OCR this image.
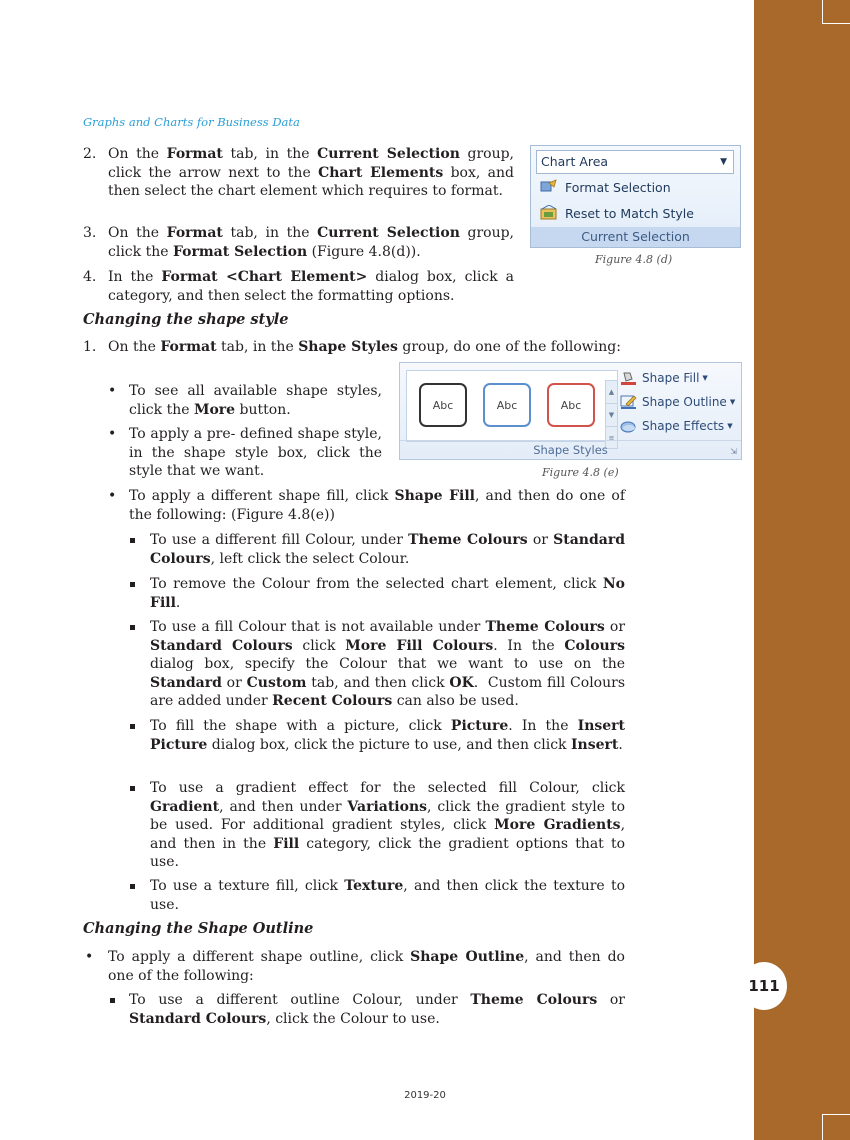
111
Graphs and Charts for Business Data
2. On the Format tab, in the Current Selection group, click the arrow next to the Chart Elements box, and then select the chart element which requires to format.
3. On the Format tab, in the Current Selection group, click the Format Selection (Figure 4.8(d)).
4. In the Format <Chart Element> dialog box, click a category, and then select the formatting options.
Chart Area	▼
Format Selection
Reset to Match Style
Current Selection
Figure 4.8 (d)
Changing the shape style
1. On the Format tab, in the Shape Styles group, do one of the following:
• To see all available shape styles, click the More button.
• To apply a pre- defined shape style, in the shape style box, click the style that we want.
Abc	Abc	Abc
▲
▼
≡
Shape Fill ▼
Shape Outline ▼
Shape Effects ▼
Shape Styles	⇲
Figure 4.8 (e)
• To apply a different shape fill, click Shape Fill, and then do one of the following: (Figure 4.8(e))
To use a different fill Colour, under Theme Colours or Standard Colours, left click the select Colour.
To remove the Colour from the selected chart element, click No Fill.
To use a fill Colour that is not available under Theme Colours or Standard Colours click More Fill Colours. In the Colours dialog box, specify the Colour that we want to use on the Standard or Custom tab, and then click OK.  Custom fill Colours are added under Recent Colours can also be used.
To fill the shape with a picture, click Picture. In the Insert Picture dialog box, click the picture to use, and then click Insert.
To use a gradient effect for the selected fill Colour, click Gradient, and then under Variations, click the gradient style to be used. For additional gradient styles, click More Gradients, and then in the Fill category, click the gradient options that to use.
To use a texture fill, click Texture, and then click the texture to use.
Changing the Shape Outline
• To apply a different shape outline, click Shape Outline, and then do one of the following:
To use a different outline Colour, under Theme Colours or Standard Colours, click the Colour to use.
2019-20
